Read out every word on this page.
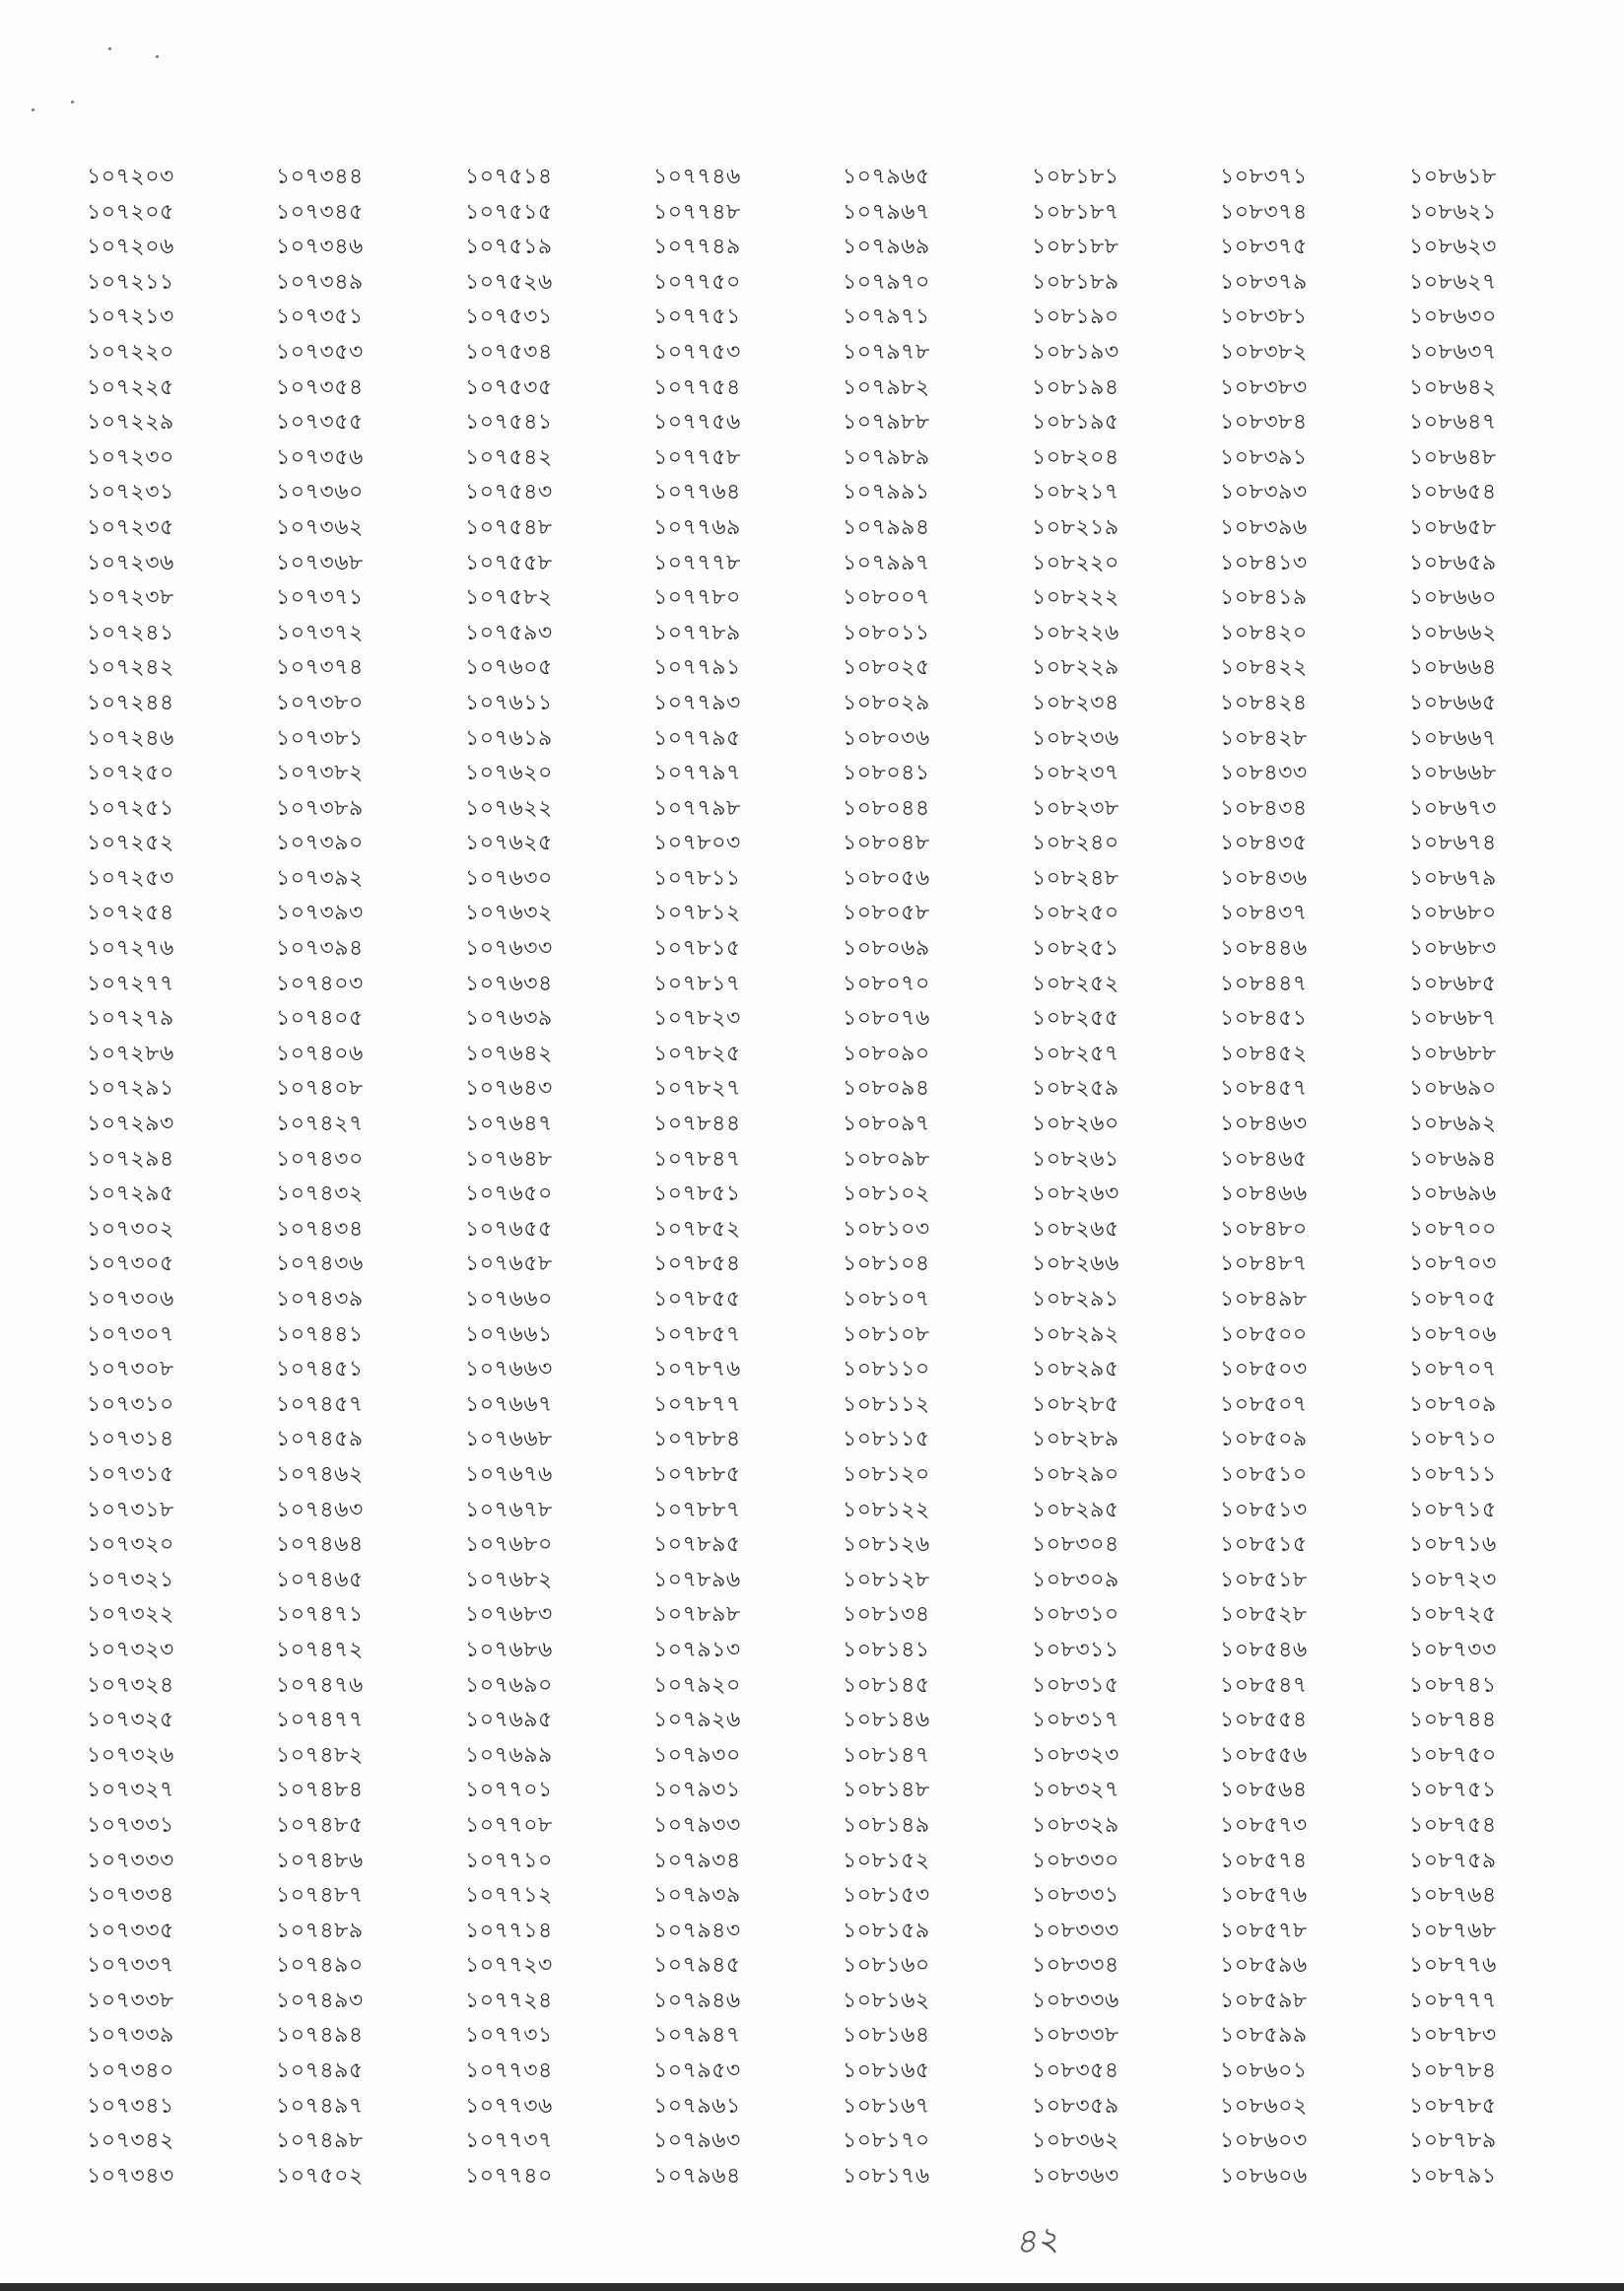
১০৭২০৩
১০৭২০৫
১০৭২০৬
১০৭২১১
১০৭২১৩
১০৭২২০
১০৭২২৫
১০৭২২৯
১০৭২৩০
১০৭২৩১
১০৭২৩৫
১০৭২৩৬
১০৭২৩৮
১০৭২৪১
১০৭২৪২
১০৭২৪৪
১০৭২৪৬
১০৭২৫০
১০৭২৫১
১০৭২৫২
১০৭২৫৩
১০৭২৫৪
১০৭২৭৬
১০৭২৭৭
১০৭২৭৯
১০৭২৮৬
১০৭২৯১
১০৭২৯৩
১০৭২৯৪
১০৭২৯৫
১০৭৩০২
১০৭৩০৫
১০৭৩০৬
১০৭৩০৭
১০৭৩০৮
১০৭৩১০
১০৭৩১৪
১০৭৩১৫
১০৭৩১৮
১০৭৩২০
১০৭৩২১
১০৭৩২২
১০৭৩২৩
১০৭৩২৪
১০৭৩২৫
১০৭৩২৬
১০৭৩২৭
১০৭৩৩১
১০৭৩৩৩
১০৭৩৩৪
১০৭৩৩৫
১০৭৩৩৭
১০৭৩৩৮
১০৭৩৩৯
১০৭৩৪০
১০৭৩৪১
১০৭৩৪২
১০৭৩৪৩
১০৭৩৪৪
১০৭৩৪৫
১০৭৩৪৬
১০৭৩৪৯
১০৭৩৫১
১০৭৩৫৩
১০৭৩৫৪
১০৭৩৫৫
১০৭৩৫৬
১০৭৩৬০
১০৭৩৬২
১০৭৩৬৮
১০৭৩৭১
১০৭৩৭২
১০৭৩৭৪
১০৭৩৮০
১০৭৩৮১
১০৭৩৮২
১০৭৩৮৯
১০৭৩৯০
১০৭৩৯২
১০৭৩৯৩
১০৭৩৯৪
১০৭৪০৩
১০৭৪০৫
১০৭৪০৬
১০৭৪০৮
১০৭৪২৭
১০৭৪৩০
১০৭৪৩২
১০৭৪৩৪
১০৭৪৩৬
১০৭৪৩৯
১০৭৪৪১
১০৭৪৫১
১০৭৪৫৭
১০৭৪৫৯
১০৭৪৬২
১০৭৪৬৩
১০৭৪৬৪
১০৭৪৬৫
১০৭৪৭১
১০৭৪৭২
১০৭৪৭৬
১০৭৪৭৭
১০৭৪৮২
১০৭৪৮৪
১০৭৪৮৫
১০৭৪৮৬
১০৭৪৮৭
১০৭৪৮৯
১০৭৪৯০
১০৭৪৯৩
১০৭৪৯৪
১০৭৪৯৫
১০৭৪৯৭
১০৭৪৯৮
১০৭৫০২
১০৭৫১৪
১০৭৫১৫
১০৭৫১৯
১০৭৫২৬
১০৭৫৩১
১০৭৫৩৪
১০৭৫৩৫
১০৭৫৪১
১০৭৫৪২
১০৭৫৪৩
১০৭৫৪৮
১০৭৫৫৮
১০৭৫৮২
১০৭৫৯৩
১০৭৬০৫
১০৭৬১১
১০৭৬১৯
১০৭৬২০
১০৭৬২২
১০৭৬২৫
১০৭৬৩০
১০৭৬৩২
১০৭৬৩৩
১০৭৬৩৪
১০৭৬৩৯
১০৭৬৪২
১০৭৬৪৩
১০৭৬৪৭
১০৭৬৪৮
১০৭৬৫০
১০৭৬৫৫
১০৭৬৫৮
১০৭৬৬০
১০৭৬৬১
১০৭৬৬৩
১০৭৬৬৭
১০৭৬৬৮
১০৭৬৭৬
১০৭৬৭৮
১০৭৬৮০
১০৭৬৮২
১০৭৬৮৩
১০৭৬৮৬
১০৭৬৯০
১০৭৬৯৫
১০৭৬৯৯
১০৭৭০১
১০৭৭০৮
১০৭৭১০
১০৭৭১২
১০৭৭১৪
১০৭৭২৩
১০৭৭২৪
১০৭৭৩১
১০৭৭৩৪
১০৭৭৩৬
১০৭৭৩৭
১০৭৭৪০
১০৭৭৪৬
১০৭৭৪৮
১০৭৭৪৯
১০৭৭৫০
১০৭৭৫১
১০৭৭৫৩
১০৭৭৫৪
১০৭৭৫৬
১০৭৭৫৮
১০৭৭৬৪
১০৭৭৬৯
১০৭৭৭৮
১০৭৭৮০
১০৭৭৮৯
১০৭৭৯১
১০৭৭৯৩
১০৭৭৯৫
১০৭৭৯৭
১০৭৭৯৮
১০৭৮০৩
১০৭৮১১
১০৭৮১২
১০৭৮১৫
১০৭৮১৭
১০৭৮২৩
১০৭৮২৫
১০৭৮২৭
১০৭৮৪৪
১০৭৮৪৭
১০৭৮৫১
১০৭৮৫২
১০৭৮৫৪
১০৭৮৫৫
১০৭৮৫৭
১০৭৮৭৬
১০৭৮৭৭
১০৭৮৮৪
১০৭৮৮৫
১০৭৮৮৭
১০৭৮৯৫
১০৭৮৯৬
১০৭৮৯৮
১০৭৯১৩
১০৭৯২০
১০৭৯২৬
১০৭৯৩০
১০৭৯৩১
১০৭৯৩৩
১০৭৯৩৪
১০৭৯৩৯
১০৭৯৪৩
১০৭৯৪৫
১০৭৯৪৬
১০৭৯৪৭
১০৭৯৫৩
১০৭৯৬১
১০৭৯৬৩
১০৭৯৬৪
১০৭৯৬৫
১০৭৯৬৭
১০৭৯৬৯
১০৭৯৭০
১০৭৯৭১
১০৭৯৭৮
১০৭৯৮২
১০৭৯৮৮
১০৭৯৮৯
১০৭৯৯১
১০৭৯৯৪
১০৭৯৯৭
১০৮০০৭
১০৮০১১
১০৮০২৫
১০৮০২৯
১০৮০৩৬
১০৮০৪১
১০৮০৪৪
১০৮০৪৮
১০৮০৫৬
১০৮০৫৮
১০৮০৬৯
১০৮০৭০
১০৮০৭৬
১০৮০৯০
১০৮০৯৪
১০৮০৯৭
১০৮০৯৮
১০৮১০২
১০৮১০৩
১০৮১০৪
১০৮১০৭
১০৮১০৮
১০৮১১০
১০৮১১২
১০৮১১৫
১০৮১২০
১০৮১২২
১০৮১২৬
১০৮১২৮
১০৮১৩৪
১০৮১৪১
১০৮১৪৫
১০৮১৪৬
১০৮১৪৭
১০৮১৪৮
১০৮১৪৯
১০৮১৫২
১০৮১৫৩
১০৮১৫৯
১০৮১৬০
১০৮১৬২
১০৮১৬৪
১০৮১৬৫
১০৮১৬৭
১০৮১৭০
১০৮১৭৬
১০৮১৮১
১০৮১৮৭
১০৮১৮৮
১০৮১৮৯
১০৮১৯০
১০৮১৯৩
১০৮১৯৪
১০৮১৯৫
১০৮২০৪
১০৮২১৭
১০৮২১৯
১০৮২২০
১০৮২২২
১০৮২২৬
১০৮২২৯
১০৮২৩৪
১০৮২৩৬
১০৮২৩৭
১০৮২৩৮
১০৮২৪০
১০৮২৪৮
১০৮২৫০
১০৮২৫১
১০৮২৫২
১০৮২৫৫
১০৮২৫৭
১০৮২৫৯
১০৮২৬০
১০৮২৬১
১০৮২৬৩
১০৮২৬৫
১০৮২৬৬
১০৮২৯১
১০৮২৯২
১০৮২৯৫
১০৮২৮৫
১০৮২৮৯
১০৮২৯০
১০৮২৯৫
১০৮৩০৪
১০৮৩০৯
১০৮৩১০
১০৮৩১১
১০৮৩১৫
১০৮৩১৭
১০৮৩২৩
১০৮৩২৭
১০৮৩২৯
১০৮৩৩০
১০৮৩৩১
১০৮৩৩৩
১০৮৩৩৪
১০৮৩৩৬
১০৮৩৩৮
১০৮৩৫৪
১০৮৩৫৯
১০৮৩৬২
১০৮৩৬৩
১০৮৩৭১
১০৮৩৭৪
১০৮৩৭৫
১০৮৩৭৯
১০৮৩৮১
১০৮৩৮২
১০৮৩৮৩
১০৮৩৮৪
১০৮৩৯১
১০৮৩৯৩
১০৮৩৯৬
১০৮৪১৩
১০৮৪১৯
১০৮৪২০
১০৮৪২২
১০৮৪২৪
১০৮৪২৮
১০৮৪৩৩
১০৮৪৩৪
১০৮৪৩৫
১০৮৪৩৬
১০৮৪৩৭
১০৮৪৪৬
১০৮৪৪৭
১০৮৪৫১
১০৮৪৫২
১০৮৪৫৭
১০৮৪৬৩
১০৮৪৬৫
১০৮৪৬৬
১০৮৪৮০
১০৮৪৮৭
১০৮৪৯৮
১০৮৫০০
১০৮৫০৩
১০৮৫০৭
১০৮৫০৯
১০৮৫১০
১০৮৫১৩
১০৮৫১৫
১০৮৫১৮
১০৮৫২৮
১০৮৫৪৬
১০৮৫৪৭
১০৮৫৫৪
১০৮৫৫৬
১০৮৫৬৪
১০৮৫৭৩
১০৮৫৭৪
১০৮৫৭৬
১০৮৫৭৮
১০৮৫৯৬
১০৮৫৯৮
১০৮৫৯৯
১০৮৬০১
১০৮৬০২
১০৮৬০৩
১০৮৬০৬
১০৮৬১৮
১০৮৬২১
১০৮৬২৩
১০৮৬২৭
১০৮৬৩০
১০৮৬৩৭
১০৮৬৪২
১০৮৬৪৭
১০৮৬৪৮
১০৮৬৫৪
১০৮৬৫৮
১০৮৬৫৯
১০৮৬৬০
১০৮৬৬২
১০৮৬৬৪
১০৮৬৬৫
১০৮৬৬৭
১০৮৬৬৮
১০৮৬৭৩
১০৮৬৭৪
১০৮৬৭৯
১০৮৬৮০
১০৮৬৮৩
১০৮৬৮৫
১০৮৬৮৭
১০৮৬৮৮
১০৮৬৯০
১০৮৬৯২
১০৮৬৯৪
১০৮৬৯৬
১০৮৭০০
১০৮৭০৩
১০৮৭০৫
১০৮৭০৬
১০৮৭০৭
১০৮৭০৯
১০৮৭১০
১০৮৭১১
১০৮৭১৫
১০৮৭১৬
১০৮৭২৩
১০৮৭২৫
১০৮৭৩৩
১০৮৭৪১
১০৮৭৪৪
১০৮৭৫০
১০৮৭৫১
১০৮৭৫৪
১০৮৭৫৯
১০৮৭৬৪
১০৮৭৬৮
১০৮৭৭৬
১০৮৭৭৭
১০৮৭৮৩
১০৮৭৮৪
১০৮৭৮৫
১০৮৭৮৯
১০৮৭৯১
৪২
